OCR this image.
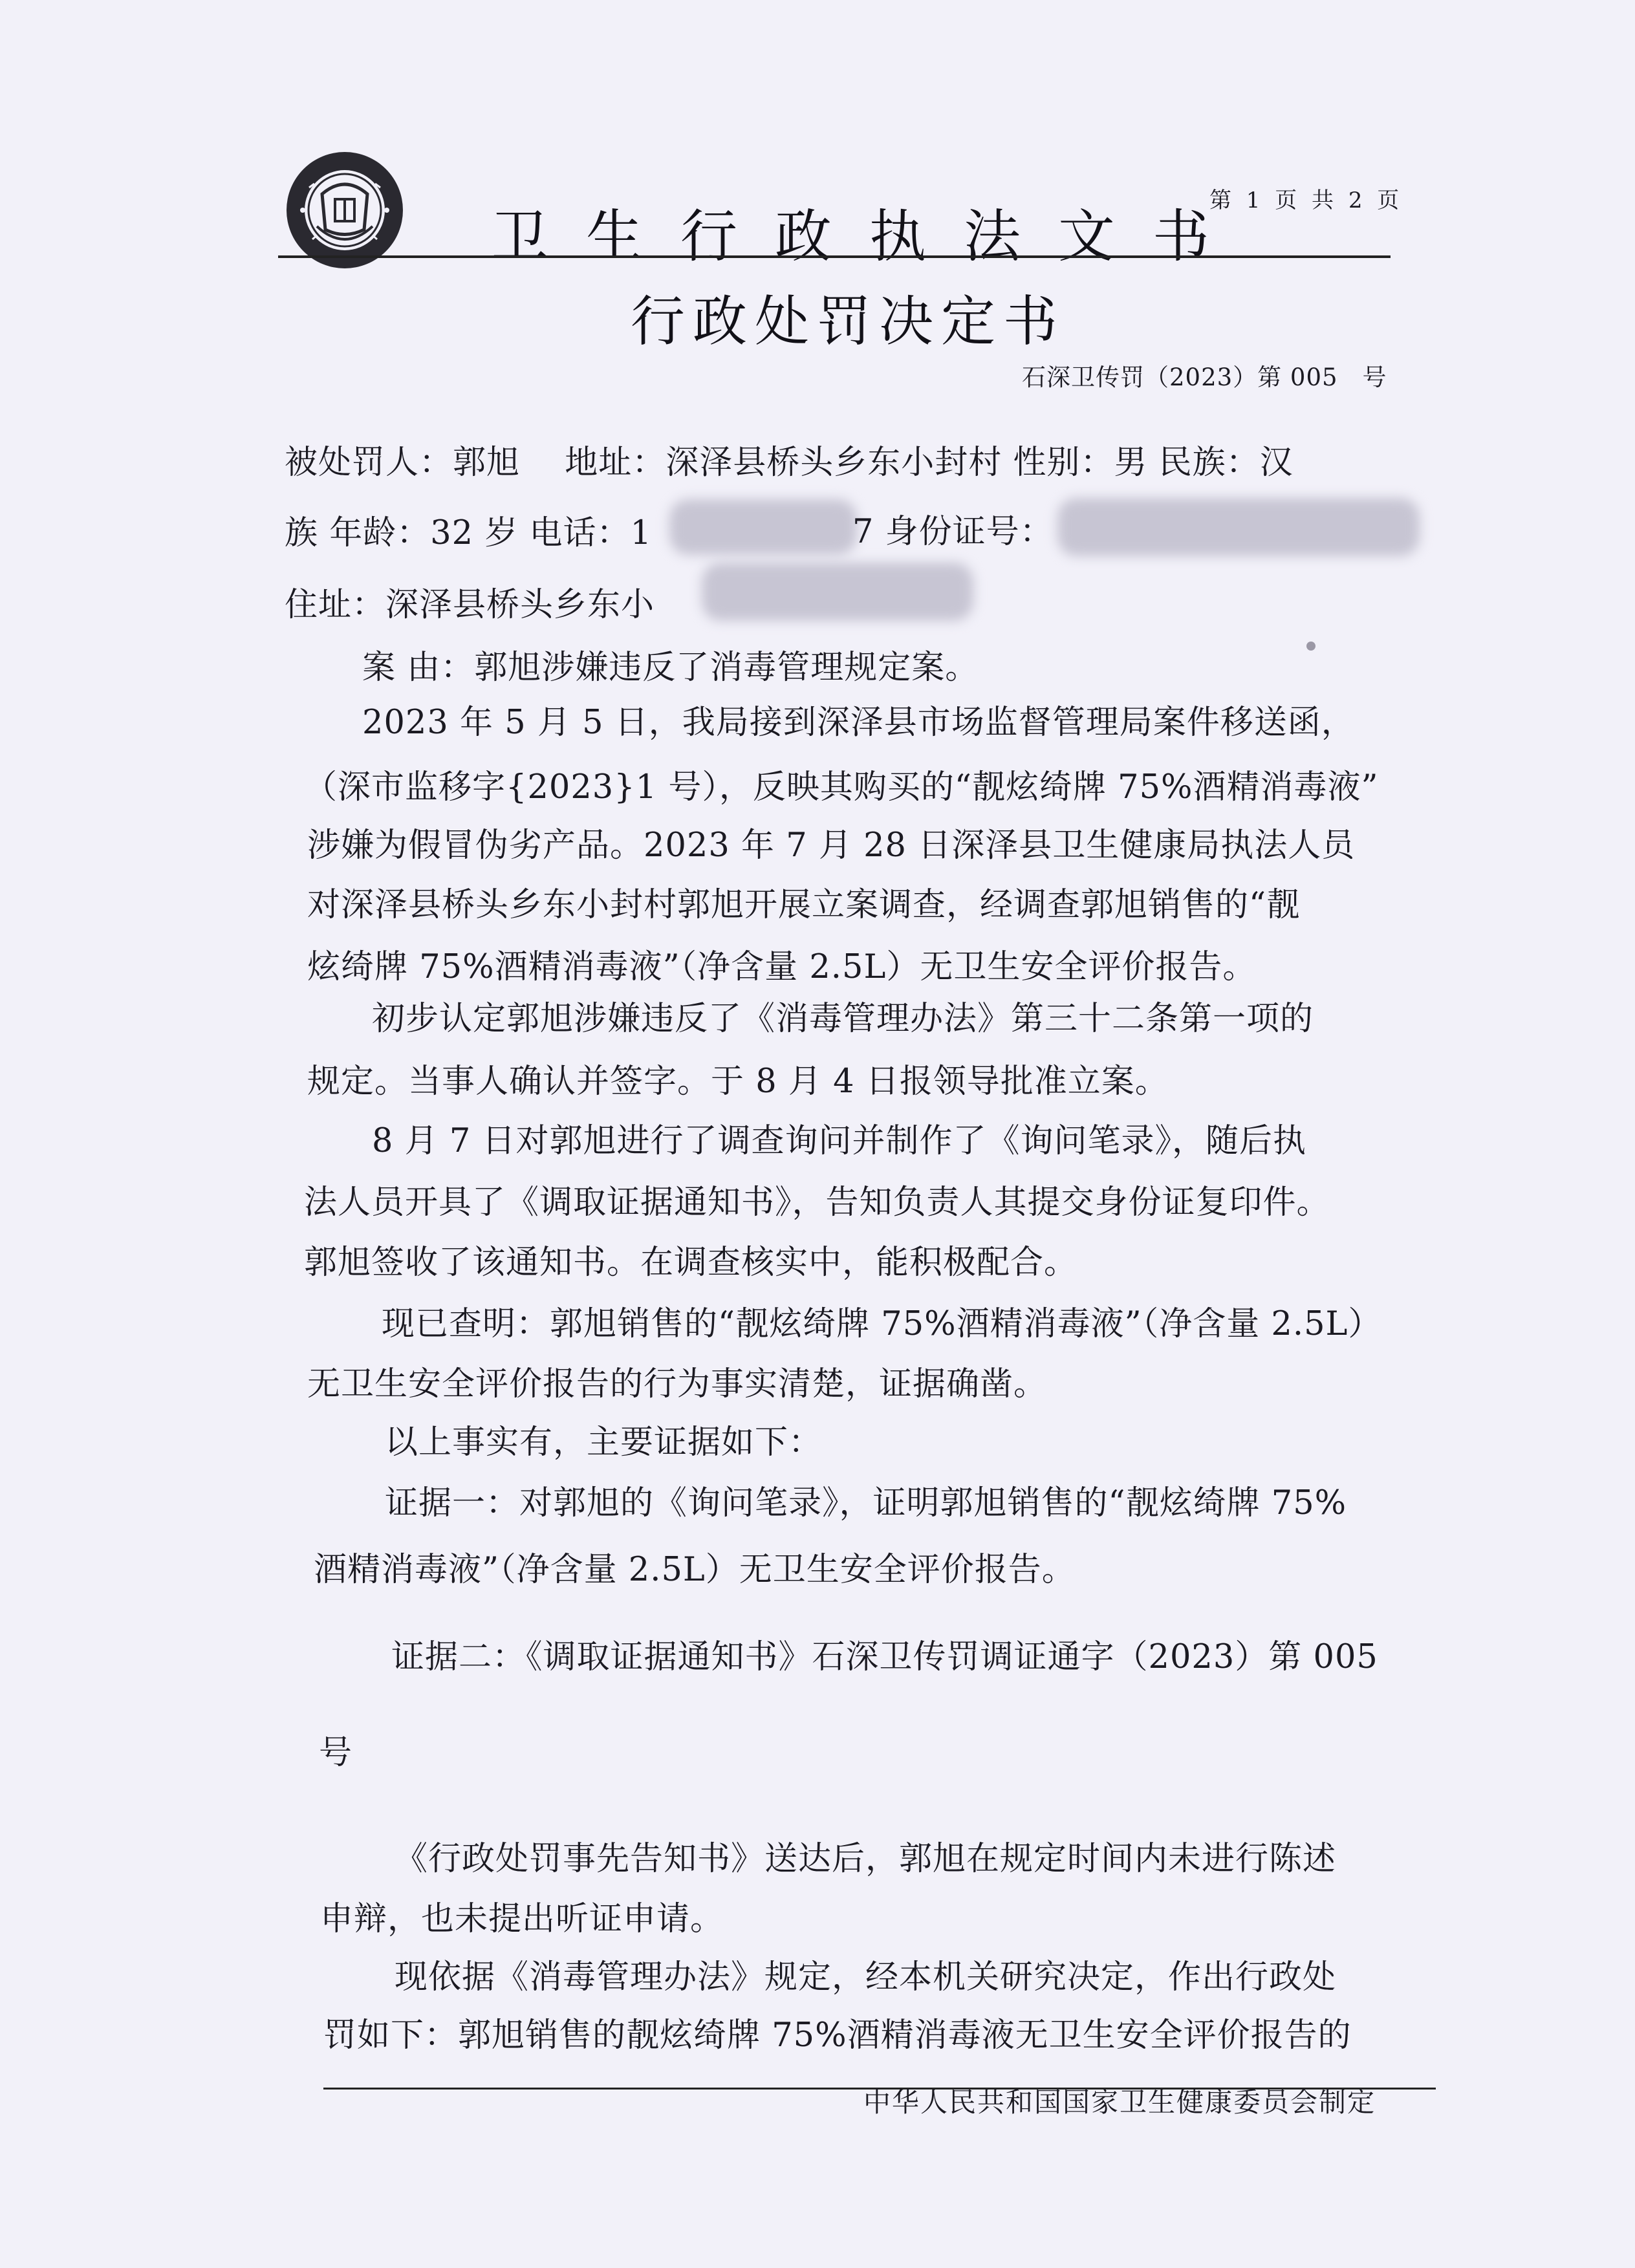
卫生行政执法文书
第 1 页 共 2 页
行政处罚决定书
石深卫传罚（2023）第 005　号
被处罚人：郭旭　 地址：深泽县桥头乡东小封村 性别：男 民族：汉
族 年龄：32 岁 电话：1	7 身份证号：
住址：深泽县桥头乡东小
案 由：郭旭涉嫌违反了消毒管理规定案。
2023 年 5 月 5 日，我局接到深泽县市场监督管理局案件移送函，
（深市监移字{2023}1 号），反映其购买的“靓炫绮牌 75%酒精消毒液”
涉嫌为假冒伪劣产品。2023 年 7 月 28 日深泽县卫生健康局执法人员
对深泽县桥头乡东小封村郭旭开展立案调查，经调查郭旭销售的“靓
炫绮牌 75%酒精消毒液”（净含量 2.5L）无卫生安全评价报告。
初步认定郭旭涉嫌违反了《消毒管理办法》第三十二条第一项的
规定。当事人确认并签字。于 8 月 4 日报领导批准立案。
8 月 7 日对郭旭进行了调查询问并制作了《询问笔录》，随后执
法人员开具了《调取证据通知书》，告知负责人其提交身份证复印件。
郭旭签收了该通知书。在调查核实中，能积极配合。
现已查明：郭旭销售的“靓炫绮牌 75%酒精消毒液”（净含量 2.5L）
无卫生安全评价报告的行为事实清楚，证据确凿。
以上事实有，主要证据如下：
证据一：对郭旭的《询问笔录》，证明郭旭销售的“靓炫绮牌 75%
酒精消毒液”（净含量 2.5L）无卫生安全评价报告。
证据二：《调取证据通知书》石深卫传罚调证通字（2023）第 005
号
《行政处罚事先告知书》送达后，郭旭在规定时间内未进行陈述
申辩，也未提出听证申请。
现依据《消毒管理办法》规定，经本机关研究决定，作出行政处
罚如下：郭旭销售的靓炫绮牌 75%酒精消毒液无卫生安全评价报告的
中华人民共和国国家卫生健康委员会制定
